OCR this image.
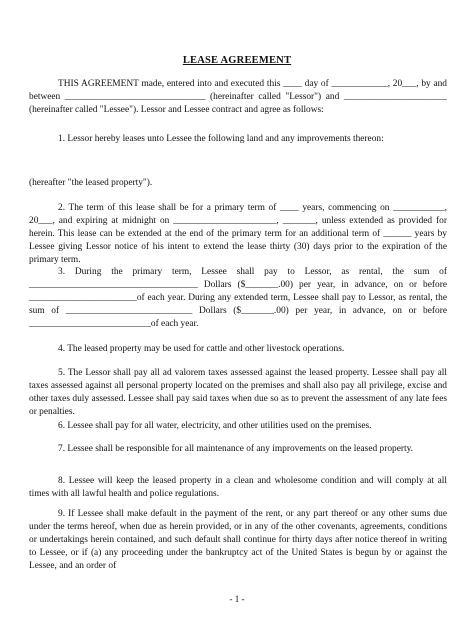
LEASE AGREEMENT

THIS AGREEMENT made, entered into and executed this ____ day of ____________, 20___, by and between ______________________________ (hereinafter called "Lessor") and ______________________ (hereinafter called "Lessee"). Lessor and Lessee contract and agree as follows:

1. Lessor hereby leases unto Lessee the following land and any improvements thereon:

(hereafter "the leased property").

2. The term of this lease shall be for a primary term of ____ years, commencing on ___________, 20___, and expiring at midnight on ______________________, _______, unless extended as provided for herein. This lease can be extended at the end of the primary term for an additional term of ______ years by Lessee giving Lessor notice of his intent to extend the lease thirty (30) days prior to the expiration of the primary term.

3. During the primary term, Lessee shall pay to Lessor, as rental, the sum of ____________________________________ Dollars ($_______.00) per year, in advance, on or before _______________________of each year. During any extended term, Lessee shall pay to Lessor, as rental, the sum of ___________________________ Dollars ($_______.00) per year, in advance, on or before __________________________of each year.

4. The leased property may be used for cattle and other livestock operations.

5. The Lessor shall pay all ad valorem taxes assessed against the leased property. Lessee shall pay all taxes assessed against all personal property located on the premises and shall also pay all privilege, excise and other taxes duly assessed. Lessee shall pay said taxes when due so as to prevent the assessment of any late fees or penalties.

6. Lessee shall pay for all water, electricity, and other utilities used on the premises.

7. Lessee shall be responsible for all maintenance of any improvements on the leased property.

8. Lessee will keep the leased property in a clean and wholesome condition and will comply at all times with all lawful health and police regulations.

9. If Lessee shall make default in the payment of the rent, or any part thereof or any other sums due under the terms hereof, when due as herein provided, or in any of the other covenants, agreements, conditions or undertakings herein contained, and such default shall continue for thirty days after notice thereof in writing to Lessee, or if (a) any proceeding under the bankruptcy act of the United States is begun by or against the Lessee, and an order of

- 1 -
